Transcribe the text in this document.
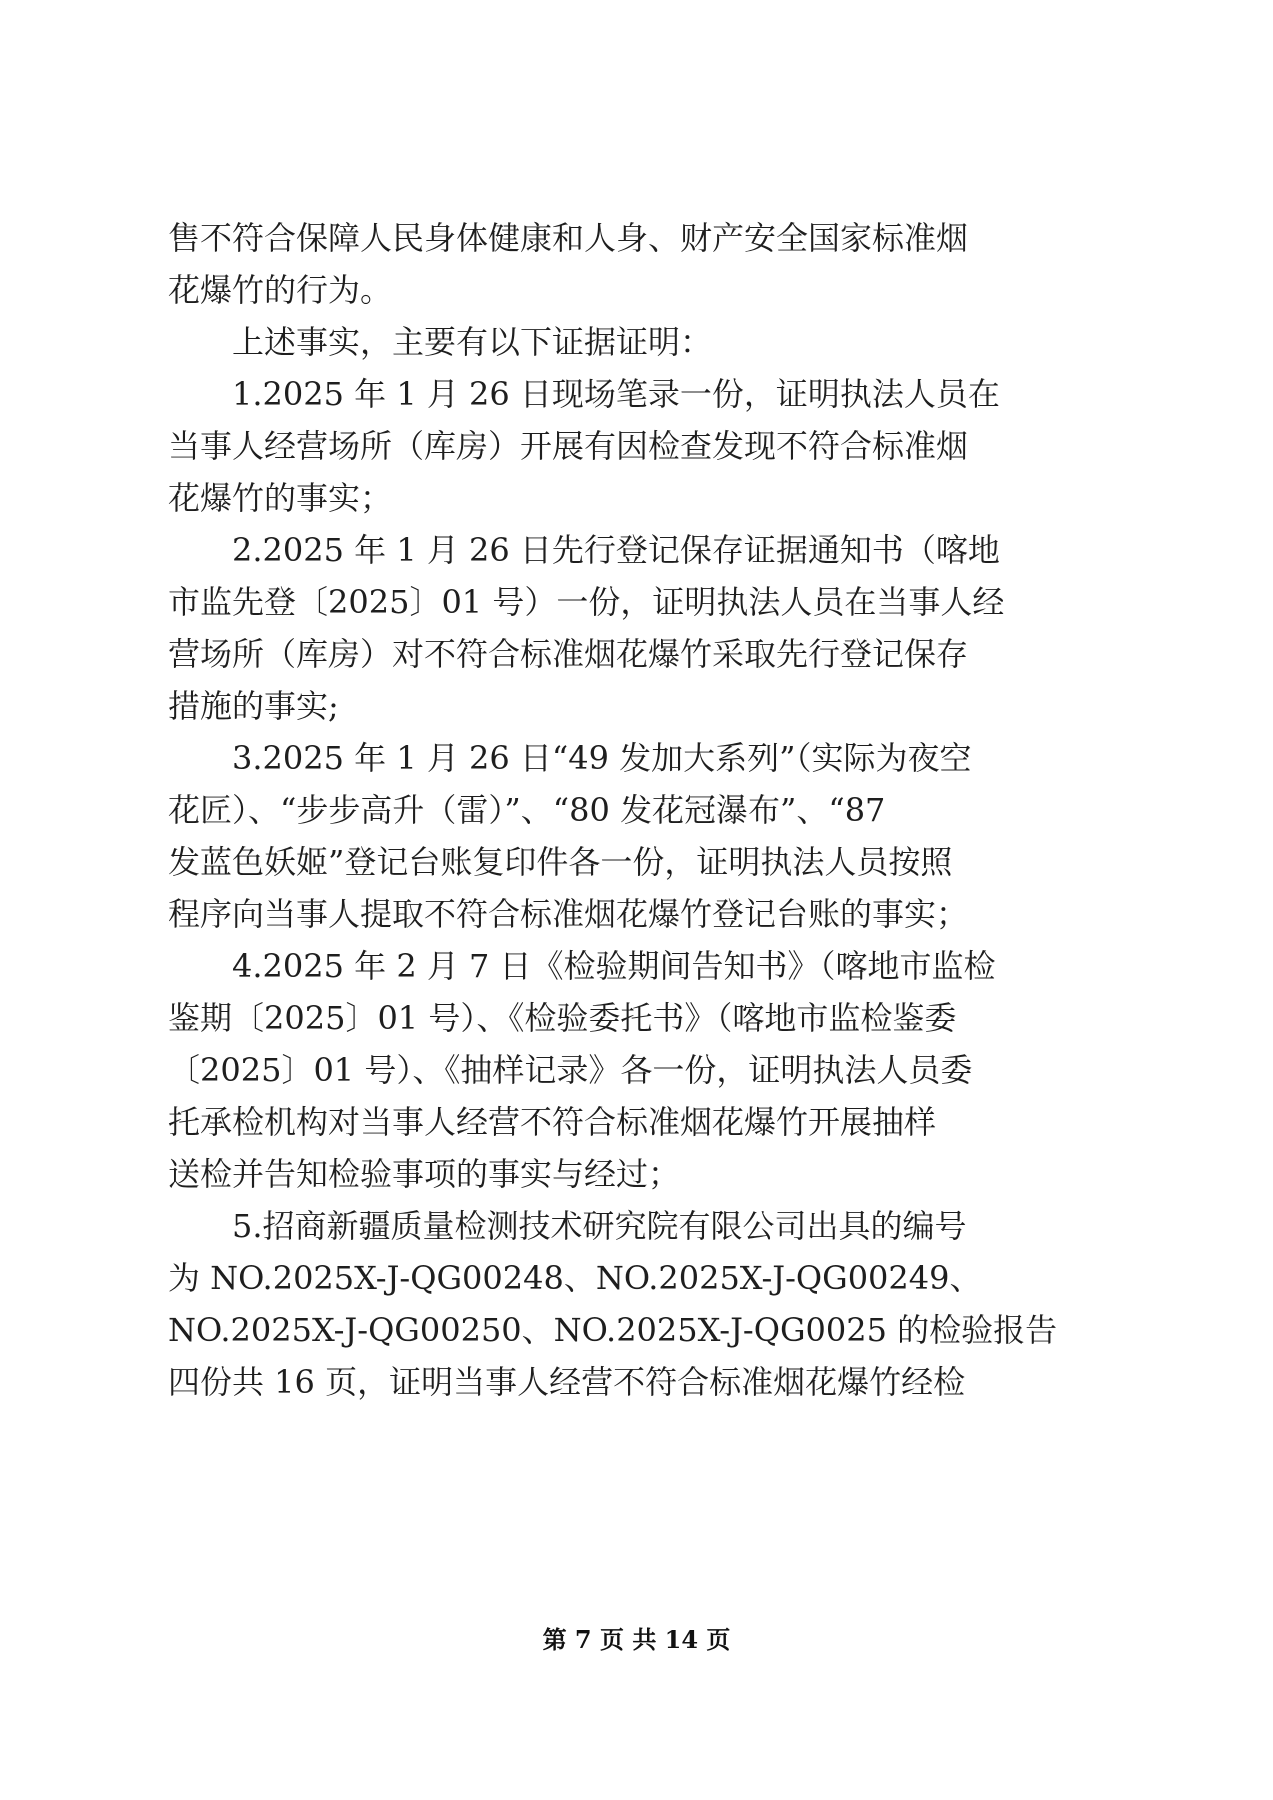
售不符合保障人民身体健康和人身、财产安全国家标准烟
花爆竹的行为。
上述事实，主要有以下证据证明：
1.2025 年 1 月 26 日现场笔录一份，证明执法人员在
当事人经营场所（库房）开展有因检查发现不符合标准烟
花爆竹的事实；
2.2025 年 1 月 26 日先行登记保存证据通知书（喀地
市监先登〔2025〕01 号）一份，证明执法人员在当事人经
营场所（库房）对不符合标准烟花爆竹采取先行登记保存
措施的事实;
3.2025 年 1 月 26 日“49 发加大系列”（实际为夜空
花匠）、“步步高升（雷）”、“80 发花冠瀑布”、“87
发蓝色妖姬”登记台账复印件各一份，证明执法人员按照
程序向当事人提取不符合标准烟花爆竹登记台账的事实；
4.2025 年 2 月 7 日《检验期间告知书》（喀地市监检
鉴期〔2025〕01 号）、《检验委托书》（喀地市监检鉴委
〔2025〕01 号）、《抽样记录》各一份，证明执法人员委
托承检机构对当事人经营不符合标准烟花爆竹开展抽样
送检并告知检验事项的事实与经过；
5.招商新疆质量检测技术研究院有限公司出具的编号
为 NO.2025X-J-QG00248、NO.2025X-J-QG00249、
NO.2025X-J-QG00250、NO.2025X-J-QG0025 的检验报告
四份共 16 页，证明当事人经营不符合标准烟花爆竹经检
第 7 页 共 14 页
